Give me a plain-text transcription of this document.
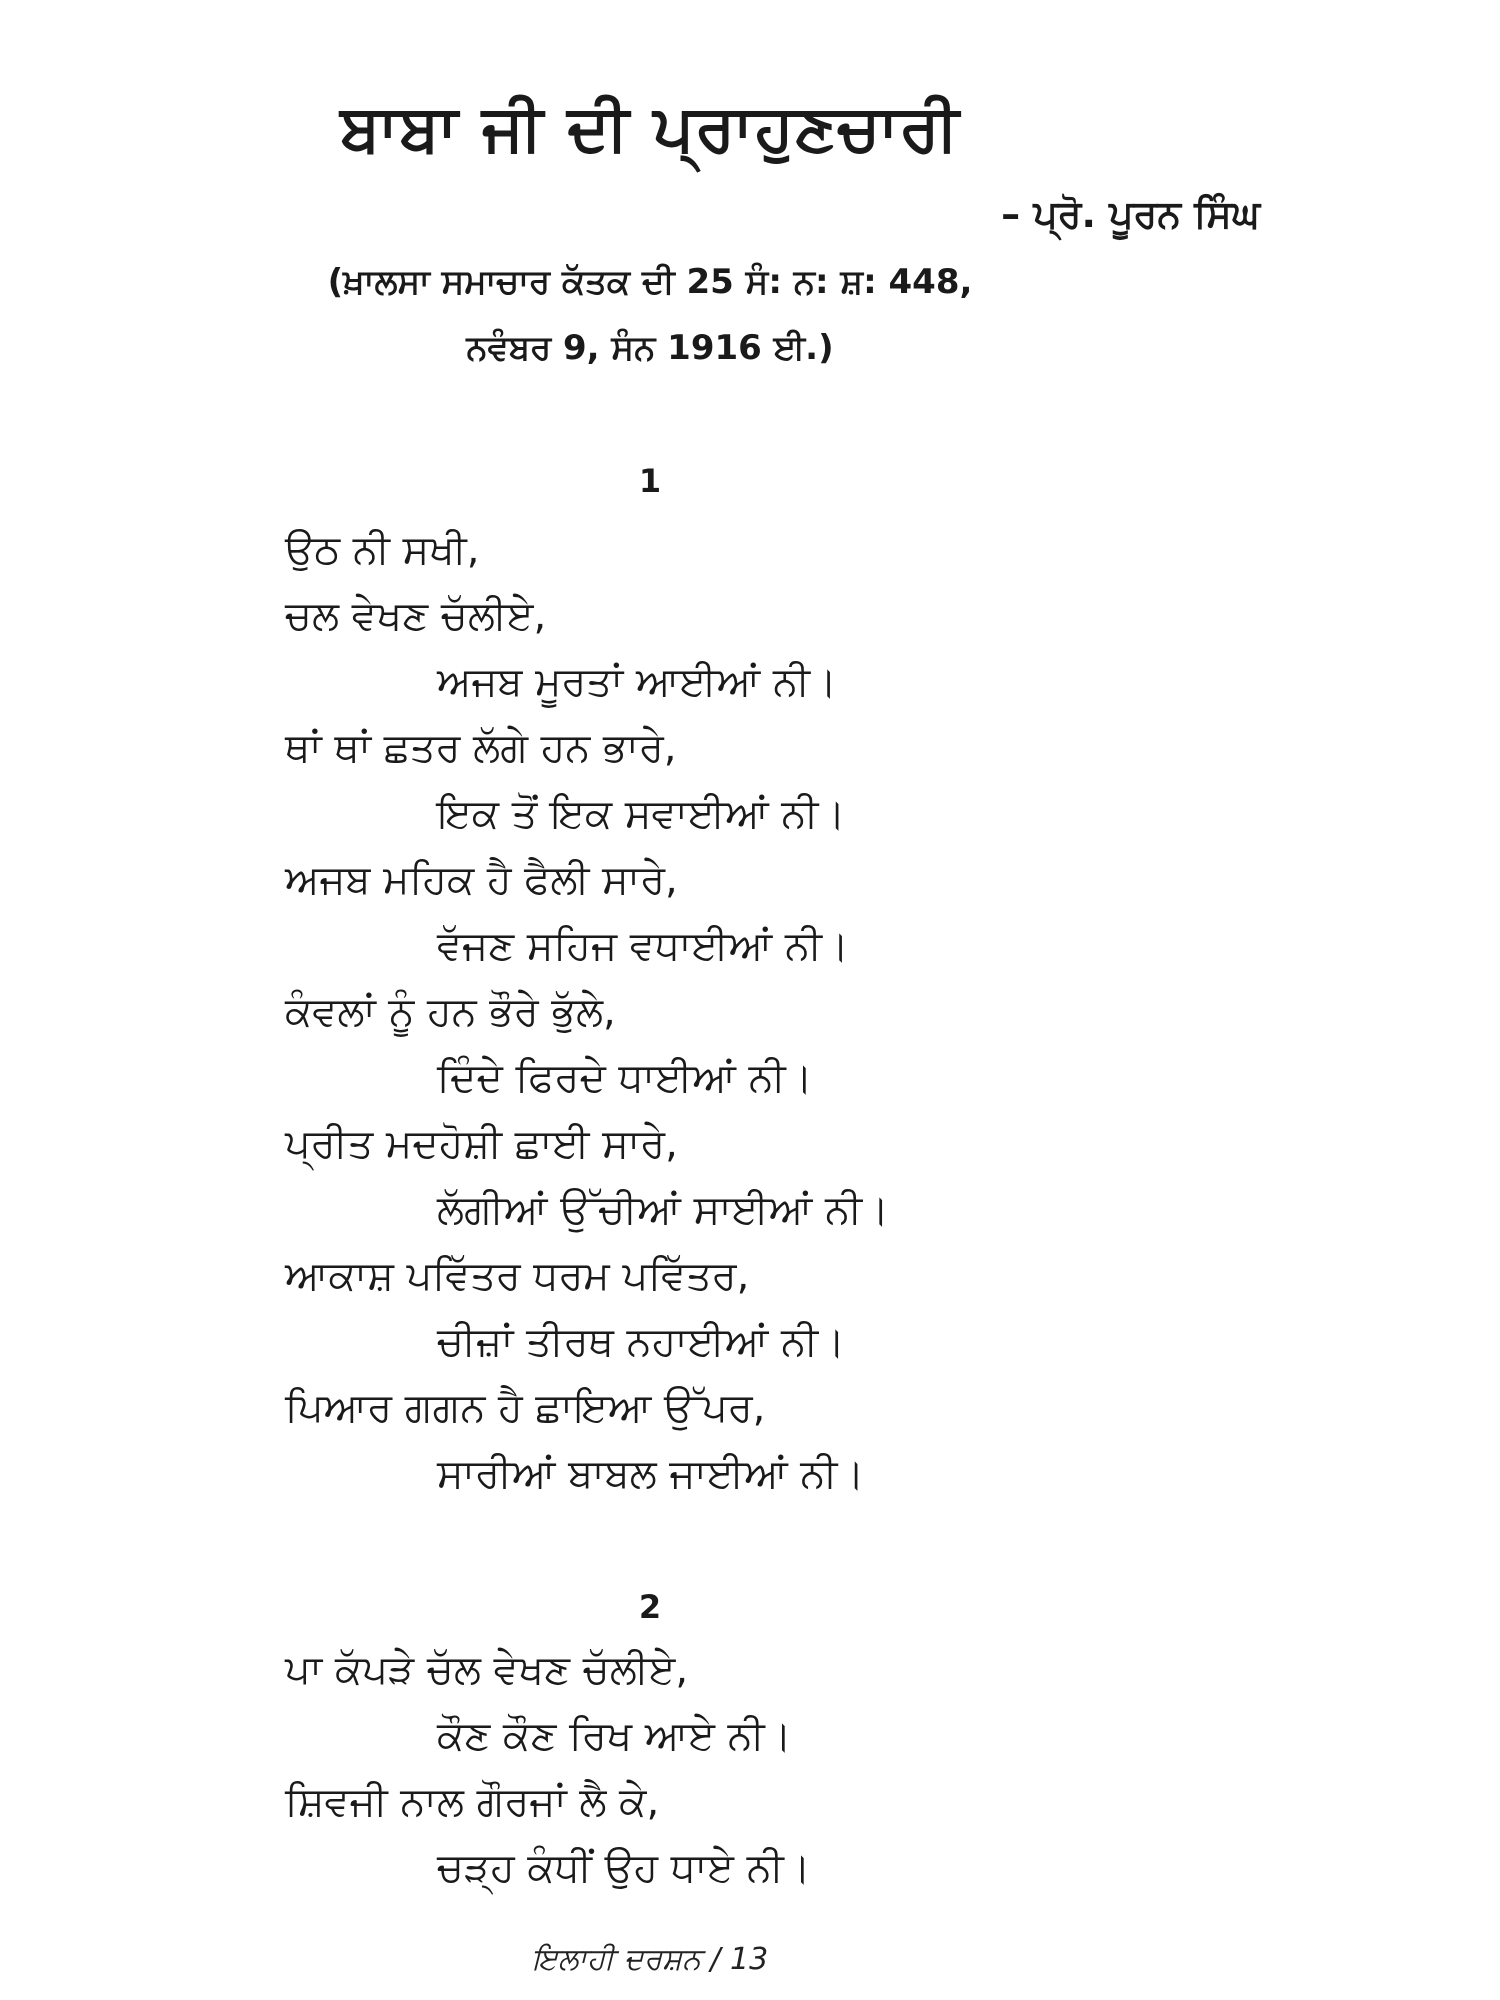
ਬਾਬਾ ਜੀ ਦੀ ਪ੍ਰਾਹੁਣਚਾਰੀ
– ਪ੍ਰੋ. ਪੂਰਨ ਸਿੰਘ
(ਖ਼ਾਲਸਾ ਸਮਾਚਾਰ ਕੱਤਕ ਦੀ 25 ਸੰ: ਨ: ਸ਼: 448,
ਨਵੰਬਰ 9, ਸੰਨ 1916 ਈ.)
1
ਉਠ ਨੀ ਸਖੀ,
ਚਲ ਵੇਖਣ ਚੱਲੀਏ,
ਅਜਬ ਮੂਰਤਾਂ ਆਈਆਂ ਨੀ।
ਥਾਂ ਥਾਂ ਛਤਰ ਲੱਗੇ ਹਨ ਭਾਰੇ,
ਇਕ ਤੋਂ ਇਕ ਸਵਾਈਆਂ ਨੀ।
ਅਜਬ ਮਹਿਕ ਹੈ ਫੈਲੀ ਸਾਰੇ,
ਵੱਜਣ ਸਹਿਜ ਵਧਾਈਆਂ ਨੀ।
ਕੰਵਲਾਂ ਨੂੰ ਹਨ ਭੌਰੇ ਭੁੱਲੇ,
ਦਿੰਦੇ ਫਿਰਦੇ ਧਾਈਆਂ ਨੀ।
ਪ੍ਰੀਤ ਮਦਹੋਸ਼ੀ ਛਾਈ ਸਾਰੇ,
ਲੱਗੀਆਂ ਉੱਚੀਆਂ ਸਾਈਆਂ ਨੀ।
ਆਕਾਸ਼ ਪਵਿੱਤਰ ਧਰਮ ਪਵਿੱਤਰ,
ਚੀਜ਼ਾਂ ਤੀਰਥ ਨਹਾਈਆਂ ਨੀ।
ਪਿਆਰ ਗਗਨ ਹੈ ਛਾਇਆ ਉੱਪਰ,
ਸਾਰੀਆਂ ਬਾਬਲ ਜਾਈਆਂ ਨੀ।
2
ਪਾ ਕੱਪੜੇ ਚੱਲ ਵੇਖਣ ਚੱਲੀਏ,
ਕੌਣ ਕੌਣ ਰਿਖ ਆਏ ਨੀ।
ਸ਼ਿਵਜੀ ਨਾਲ ਗੌਰਜਾਂ ਲੈ ਕੇ,
ਚੜ੍ਹ ਕੰਧੀਂ ਉਹ ਧਾਏ ਨੀ।
ਇਲਾਹੀ ਦਰਸ਼ਨ / 13
